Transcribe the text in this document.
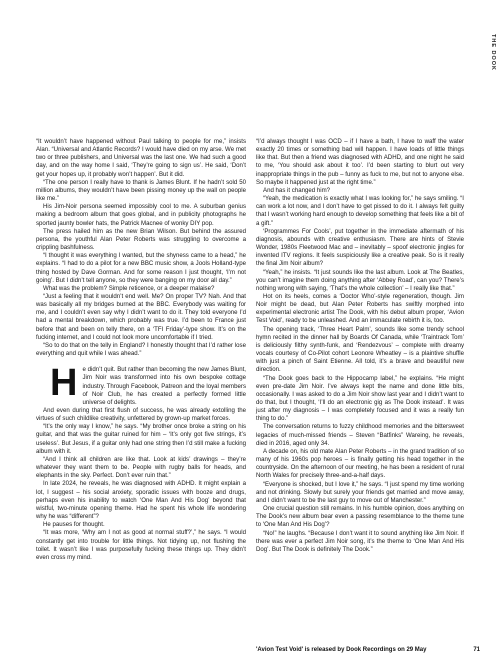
THE DOOK

“It wouldn’t have happened without Paul talking to people for me,” insists Alan. “Universal and Atlantic Records? I would have died on my arse. We met two or three publishers, and Universal was the last one. We had such a good day, and on the way home I said, ‘They’re going to sign us’. He said, ‘Don’t get your hopes up, it probably won’t happen’. But it did.

“The one person I really have to thank is James Blunt. If he hadn’t sold 50 million albums, they wouldn’t have been pissing money up the wall on people like me.”

His Jim-Noir persona seemed impossibly cool to me. A suburban genius making a bedroom album that goes global, and in publicity photographs he sported jaunty bowler hats, the Patrick Macnee of wonky DIY pop.

The press hailed him as the new Brian Wilson. But behind the assured persona, the youthful Alan Peter Roberts was struggling to overcome a crippling bashfulness.

“I thought it was everything I wanted, but the shyness came to a head,” he explains. “I had to do a pilot for a new BBC music show, a Jools Holland-type thing hosted by Dave Gorman. And for some reason I just thought, ‘I’m not going’. But I didn’t tell anyone, so they were banging on my door all day.”

What was the problem? Simple reticence, or a deeper malaise?

“Just a feeling that it wouldn’t end well. Me? On proper TV? Nah. And that was basically all my bridges burned at the BBC. Everybody was waiting for me, and I couldn’t even say why I didn’t want to do it. They told everyone I’d had a mental breakdown, which probably was true. I’d been to France just before that and been on telly there, on a ‘TFI Friday’-type show. It’s on the fucking internet, and I could not look more uncomfortable if I tried.

“So to do that on the telly in England? I honestly thought that I’d rather lose everything and quit while I was ahead.”

He didn’t quit. But rather than becoming the new James Blunt, Jim Noir was transformed into his own bespoke cottage industry. Through Facebook, Patreon and the loyal members of Noir Club, he has created a perfectly formed little universe of delights.

And even during that first flush of success, he was already extolling the virtues of such childlike creativity, unfettered by grown-up market forces.

“It’s the only way I know,” he says. “My brother once broke a string on his guitar, and that was the guitar ruined for him – ‘It’s only got five strings, it’s useless’. But Jesus, if a guitar only had one string then I’d still make a fucking album with it.

“And I think all children are like that. Look at kids’ drawings – they’re whatever they want them to be. People with rugby balls for heads, and elephants in the sky. Perfect. Don’t ever ruin that.”

In late 2024, he reveals, he was diagnosed with ADHD. It might explain a lot, I suggest – his social anxiety, sporadic issues with booze and drugs, perhaps even his inability to watch ‘One Man And His Dog’ beyond that wistful, two-minute opening theme. Had he spent his whole life wondering why he was “different”?

He pauses for thought.

“It was more, ‘Why am I not as good at normal stuff?’,” he says. “I would constantly get into trouble for little things. Not tidying up, not flushing the toilet. It wasn’t like I was purposefully fucking these things up. They didn’t even cross my mind.

“I’d always thought I was OCD – if I have a bath, I have to waff the water exactly 20 times or something bad will happen. I have loads of little things like that. But then a friend was diagnosed with ADHD, and one night he said to me, ‘You should ask about it too’. I’d been starting to blurt out very inappropriate things in the pub – funny as fuck to me, but not to anyone else. So maybe it happened just at the right time.”

And has it changed him?

“Yeah, the medication is exactly what I was looking for,” he says smiling. “I can work a lot now, and I don’t have to get pissed to do it. I always felt guilty that I wasn’t working hard enough to develop something that feels like a bit of a gift.”

‘Programmes For Cools’, put together in the immediate aftermath of his diagnosis, abounds with creative enthusiasm. There are hints of Stevie Wonder, 1980s Fleetwood Mac and – inevitably – spoof electronic jingles for invented ITV regions. It feels suspiciously like a creative peak. So is it really the final Jim Noir album?

“Yeah,” he insists. “It just sounds like the last album. Look at The Beatles, you can’t imagine them doing anything after ‘Abbey Road’, can you? There’s nothing wrong with saying, ‘That’s the whole collection’ – I really like that.”

Hot on its heels, comes a ‘Doctor Who’-style regeneration, though. Jim Noir might be dead, but Alan Peter Roberts has swiftly morphed into experimental electronic artist The Dook, with his debut album proper, ‘Avion Test Void’, ready to be unleashed. And an immaculate rebirth it is, too.

The opening track, ‘Three Heart Palm’, sounds like some trendy school hymn recited in the dinner hall by Boards Of Canada, while ‘Traintrack Tom’ is deliciously filthy synth-funk, and ‘Rendezvous’ – complete with dreamy vocals courtesy of Co-Pilot cohort Leonore Wheatley – is a plaintive shuffle with just a pinch of Saint Etienne. All told, it’s a brave and beautiful new direction.

“The Dook goes back to the Hippocamp label,” he explains. “He might even pre-date Jim Noir. I’ve always kept the name and done little bits, occasionally. I was asked to do a Jim Noir show last year and I didn’t want to do that, but I thought, ‘I’ll do an electronic gig as The Dook instead’. It was just after my diagnosis – I was completely focused and it was a really fun thing to do.”

The conversation returns to fuzzy childhood memories and the bittersweet legacies of much-missed friends – Steven “Batfinks” Wareing, he reveals, died in 2016, aged only 34.

A decade on, his old mate Alan Peter Roberts – in the grand tradition of so many of his 1960s pop heroes – is finally getting his head together in the countryside. On the afternoon of our meeting, he has been a resident of rural North Wales for precisely three-and-a-half days.

“Everyone is shocked, but I love it,” he says. “I just spend my time working and not drinking. Slowly but surely your friends get married and move away, and I didn’t want to be the last guy to move out of Manchester.”

One crucial question still remains. In his humble opinion, does anything on The Dook’s new album bear even a passing resemblance to the theme tune to ‘One Man And His Dog’?

“No!” he laughs. “Because I don’t want it to sound anything like Jim Noir. If there was ever a perfect Jim Noir song, it’s the theme to ‘One Man And His Dog’. But The Dook is definitely The Dook.”

'Avion Test Void' is released by Dook Recordings on 29 May	71
